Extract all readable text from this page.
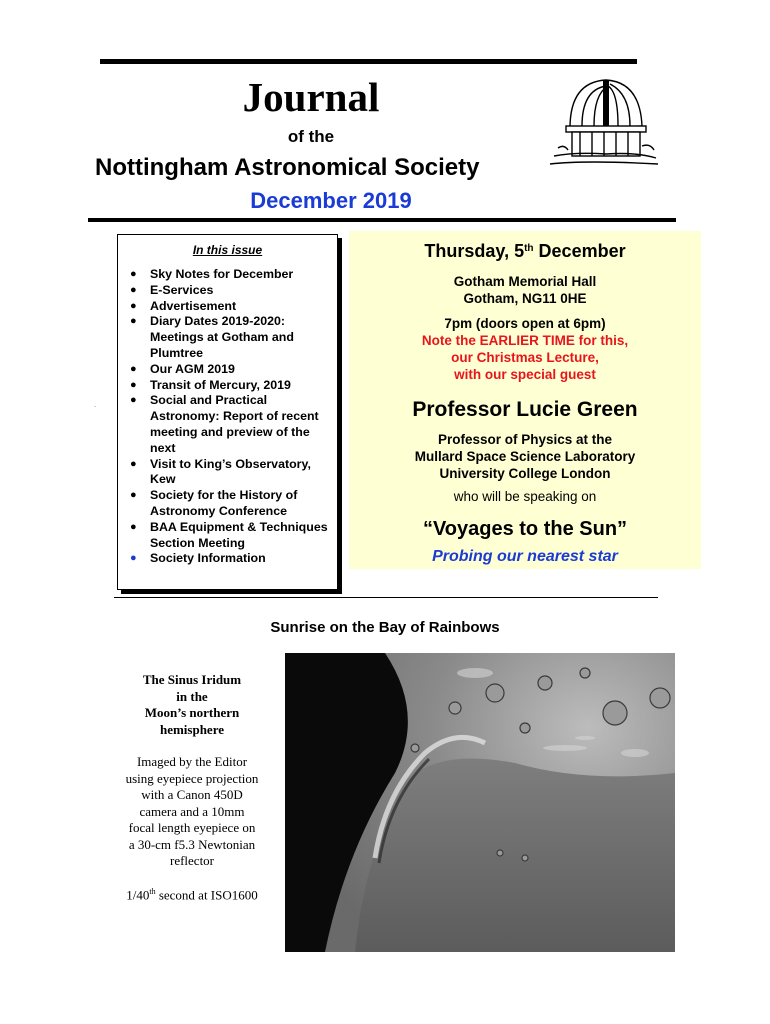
Journal
of the
Nottingham Astronomical Society
December 2019
In this issue
● Sky Notes for December
● E-Services
● Advertisement
● Diary Dates 2019-2020: Meetings at Gotham and Plumtree
● Our AGM 2019
● Transit of Mercury, 2019
● Social and Practical Astronomy: Report of recent meeting and preview of the next
● Visit to King’s Observatory, Kew
● Society for the History of Astronomy Conference
● BAA Equipment & Techniques Section Meeting
● Society Information
.
Thursday, 5th December
Gotham Memorial Hall
Gotham, NG11 0HE
7pm (doors open at 6pm)
Note the EARLIER TIME for this,
our Christmas Lecture,
with our special guest
Professor Lucie Green
Professor of Physics at the
Mullard Space Science Laboratory
University College London
who will be speaking on
“Voyages to the Sun”
Probing our nearest star
Sunrise on the Bay of Rainbows
The Sinus Iridum
in the
Moon’s northern
hemisphere
Imaged by the Editor
using eyepiece projection
with a Canon 450D
camera and a 10mm
focal length eyepiece on
a 30-cm f5.3 Newtonian
reflector
1/40th second at ISO1600
